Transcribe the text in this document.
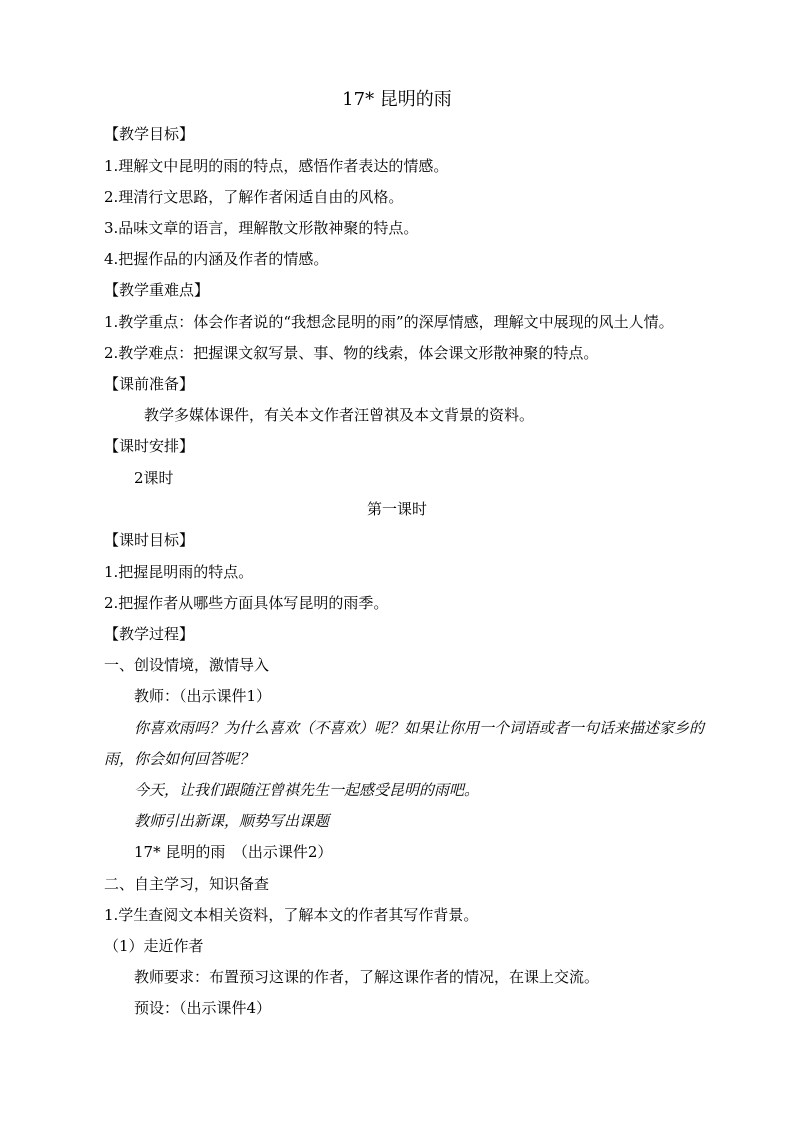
17* 昆明的雨
【教学目标】
1.理解文中昆明的雨的特点，感悟作者表达的情感。
2.理清行文思路，了解作者闲适自由的风格。
3.品味文章的语言，理解散文形散神聚的特点。
4.把握作品的内涵及作者的情感。
【教学重难点】
1.教学重点：体会作者说的“我想念昆明的雨”的深厚情感，理解文中展现的风土人情。
2.教学难点：把握课文叙写景、事、物的线索，体会课文形散神聚的特点。
【课前准备】
教学多媒体课件，有关本文作者汪曾祺及本文背景的资料。
【课时安排】
2课时
第一课时
【课时目标】
1.把握昆明雨的特点。
2.把握作者从哪些方面具体写昆明的雨季。
【教学过程】
一、创设情境，激情导入
教师：（出示课件1）
你喜欢雨吗？为什么喜欢（不喜欢）呢？如果让你用一个词语或者一句话来描述家乡的
雨，你会如何回答呢？
今天，让我们跟随汪曾祺先生一起感受昆明的雨吧。
教师引出新课，顺势写出课题
17* 昆明的雨　（出示课件2）
二、自主学习，知识备查
1.学生查阅文本相关资料，了解本文的作者其写作背景。
（1）走近作者
教师要求：布置预习这课的作者，了解这课作者的情况，在课上交流。
预设：（出示课件4）
